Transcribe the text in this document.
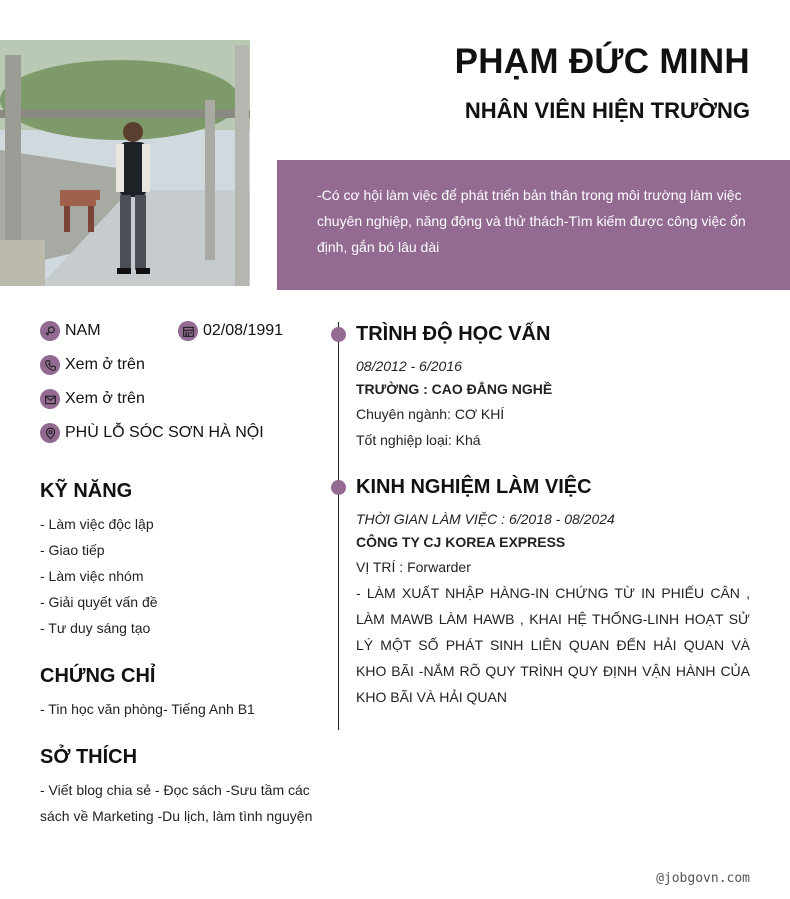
PHẠM ĐỨC MINH
NHÂN VIÊN HIỆN TRƯỜNG
-Có cơ hội làm việc để phát triển bản thân trong môi trường làm việc chuyên nghiệp, năng động và thử thách-Tìm kiếm được công việc ổn định, gắn bó lâu dài
NAM	02/08/1991
Xem ở trên
Xem ở trên
PHÙ LỖ SÓC SƠN HÀ NỘI
KỸ NĂNG
- Làm việc độc lập
- Giao tiếp
- Làm việc nhóm
- Giải quyết vấn đề
- Tư duy sáng tạo
CHỨNG CHỈ
- Tin học văn phòng- Tiếng Anh B1
SỞ THÍCH
- Viết blog chia sẻ - Đọc sách -Sưu tầm các
sách về Marketing -Du lịch, làm tình nguyện
TRÌNH ĐỘ HỌC VẤN
08/2012 - 6/2016
TRƯỜNG : CAO ĐẲNG NGHỀ
Chuyên ngành: CƠ KHÍ
Tốt nghiệp loại: Khá
KINH NGHIỆM LÀM VIỆC
THỜI GIAN LÀM VIỆC : 6/2018 - 08/2024
CÔNG TY CJ KOREA EXPRESS
VỊ TRÍ : Forwarder
- LÀM XUẤT NHẬP HÀNG-IN CHỨNG TỪ IN PHIẾU CÂN , LÀM MAWB LÀM HAWB , KHAI HỆ THỐNG-LINH HOẠT SỬ LÝ MỘT SỐ PHÁT SINH LIÊN QUAN ĐẾN HẢI QUAN VÀ KHO BÃI -NẮM RÕ QUY TRÌNH QUY ĐỊNH VẬN HÀNH CỦA KHO BÃI VÀ HẢI QUAN
@jobgovn.com
